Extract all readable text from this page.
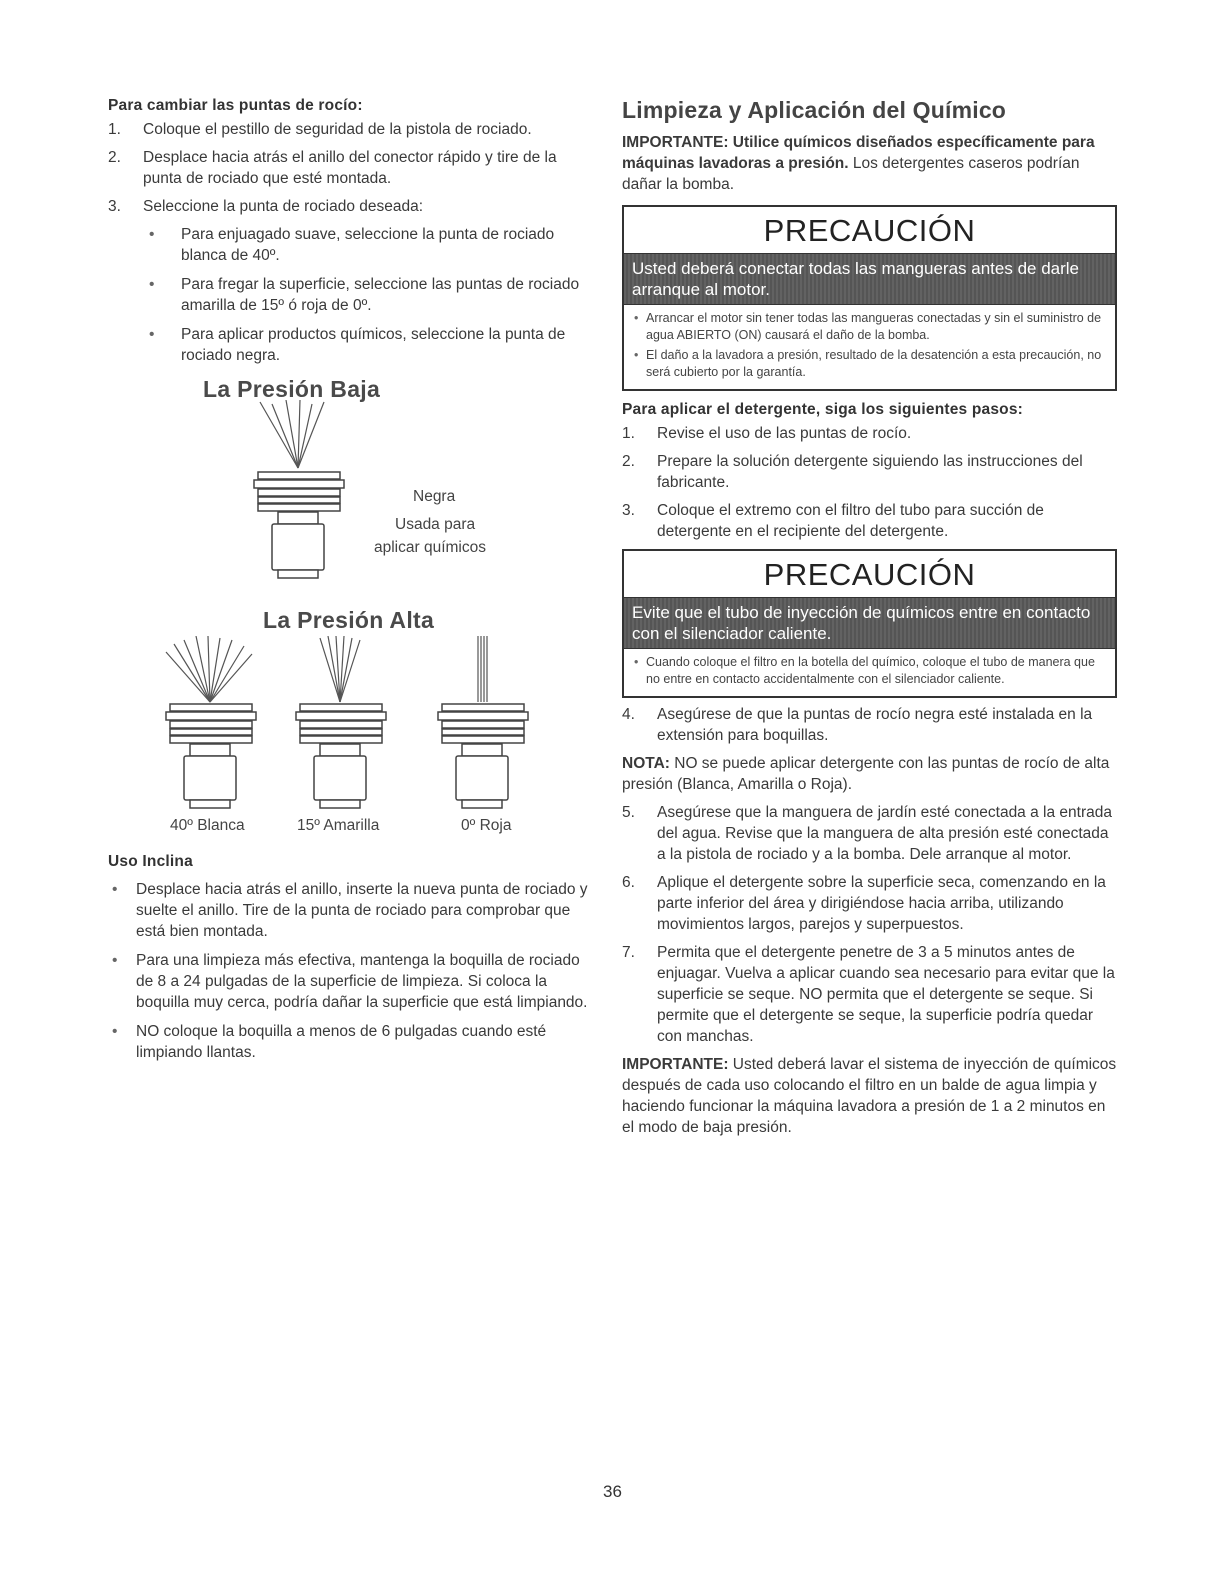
Para cambiar las puntas de rocío:
1. Coloque el pestillo de seguridad de la pistola de rociado.
2. Desplace hacia atrás el anillo del conector rápido y tire de la punta de rociado que esté montada.
3. Seleccione la punta de rociado deseada:
• Para enjuagado suave, seleccione la punta de rociado blanca de 40º.
• Para fregar la superficie, seleccione las puntas de rociado amarilla de 15º ó roja de 0º.
• Para aplicar productos químicos, seleccione la punta de rociado negra.
La Presión Baja
Negra
Usada para
aplicar químicos
La Presión Alta
40º Blanca	15º Amarilla	0º Roja
Uso Inclina
• Desplace hacia atrás el anillo, inserte la nueva punta de rociado y suelte el anillo. Tire de la punta de rociado para comprobar que está bien montada.
• Para una limpieza más efectiva, mantenga la boquilla de rociado de 8 a 24 pulgadas de la superficie de limpieza. Si coloca la boquilla muy cerca, podría dañar la superficie que está limpiando.
• NO coloque la boquilla a menos de 6 pulgadas cuando esté limpiando llantas.
Limpieza y Aplicación del Químico
IMPORTANTE: Utilice químicos diseñados específicamente para máquinas lavadoras a presión. Los detergentes caseros podrían dañar la bomba.
PRECAUCIÓN
Usted deberá conectar todas las mangueras antes de darle arranque al motor.
• Arrancar el motor sin tener todas las mangueras conectadas y sin el suministro de agua ABIERTO (ON) causará el daño de la bomba.
• El daño a la lavadora a presión, resultado de la desatención a esta precaución, no será cubierto por la garantía.
Para aplicar el detergente, siga los siguientes pasos:
1. Revise el uso de las puntas de rocío.
2. Prepare la solución detergente siguiendo las instrucciones del fabricante.
3. Coloque el extremo con el filtro del tubo para succión de detergente en el recipiente del detergente.
PRECAUCIÓN
Evite que el tubo de inyección de químicos entre en contacto con el silenciador caliente.
• Cuando coloque el filtro en la botella del químico, coloque el tubo de manera que no entre en contacto accidentalmente con el silenciador caliente.
4. Asegúrese de que la puntas de rocío negra esté instalada en la extensión para boquillas.
NOTA: NO se puede aplicar detergente con las puntas de rocío de alta presión (Blanca, Amarilla o Roja).
5. Asegúrese que la manguera de jardín esté conectada a la entrada del agua. Revise que la manguera de alta presión esté conectada a la pistola de rociado y a la bomba. Dele arranque al motor.
6. Aplique el detergente sobre la superficie seca, comenzando en la parte inferior del área y dirigiéndose hacia arriba, utilizando movimientos largos, parejos y superpuestos.
7. Permita que el detergente penetre de 3 a 5 minutos antes de enjuagar. Vuelva a aplicar cuando sea necesario para evitar que la superficie se seque. NO permita que el detergente se seque. Si permite que el detergente se seque, la superficie podría quedar con manchas.
IMPORTANTE: Usted deberá lavar el sistema de inyección de químicos después de cada uso colocando el filtro en un balde de agua limpia y haciendo funcionar la máquina lavadora a presión de 1 a 2 minutos en el modo de baja presión.
36
